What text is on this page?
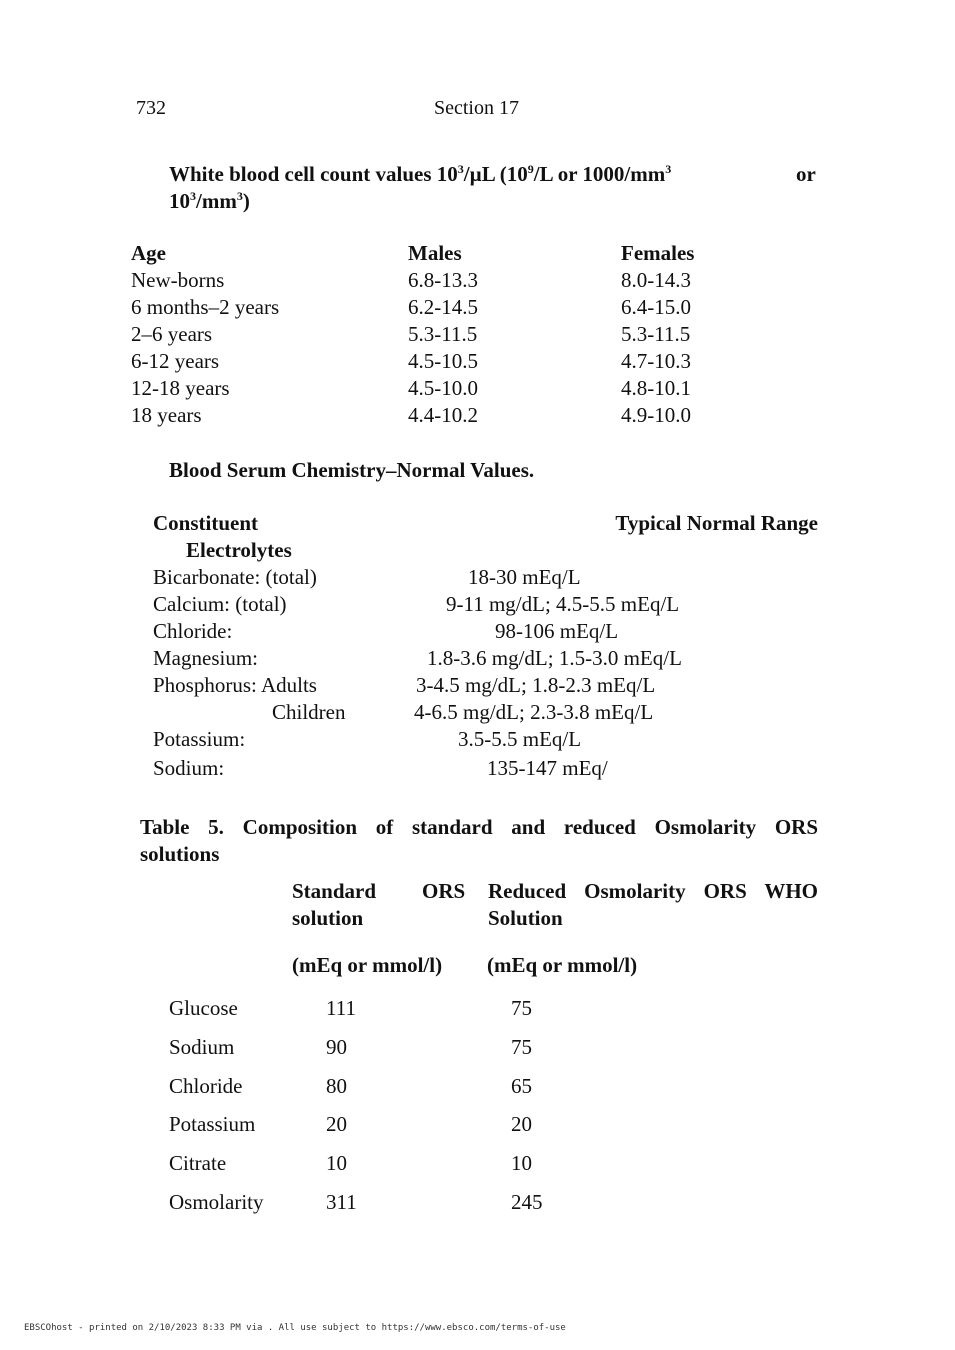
732	Section 17
White blood cell count values $10^3/\mu L$ ($10^9/L$ or $1000/mm^3$	or
$10^3/mm^3$)
Age	Males	Females
New-borns	6.8-13.3	8.0-14.3
6 months–2 years	6.2-14.5	6.4-15.0
2–6 years	5.3-11.5	5.3-11.5
6-12 years	4.5-10.5	4.7-10.3
12-18 years	4.5-10.0	4.8-10.1
18 years	4.4-10.2	4.9-10.0
Blood Serum Chemistry–Normal Values.
Constituent	Typical Normal Range
Electrolytes
Bicarbonate: (total)	18-30 mEq/L
Calcium: (total)	9-11 mg/dL; 4.5-5.5 mEq/L
Chloride:	98-106 mEq/L
Magnesium:	1.8-3.6 mg/dL; 1.5-3.0 mEq/L
Phosphorus: Adults	3-4.5 mg/dL; 1.8-2.3 mEq/L
Children	4-6.5 mg/dL; 2.3-3.8 mEq/L
Potassium:	3.5-5.5 mEq/L
Sodium:	135-147 mEq/
Table 5. Composition of standard and reduced Osmolarity ORS
solutions
Standard ORS
solution
Reduced Osmolarity ORS WHO
Solution
(mEq or mmol/l) (mEq or mmol/l)
Glucose	111	75
Sodium	90	75
Chloride	80	65
Potassium	20	20
Citrate	10	10
Osmolarity	311	245
EBSCOhost - printed on 2/10/2023 8:33 PM via . All use subject to https://www.ebsco.com/terms-of-use
